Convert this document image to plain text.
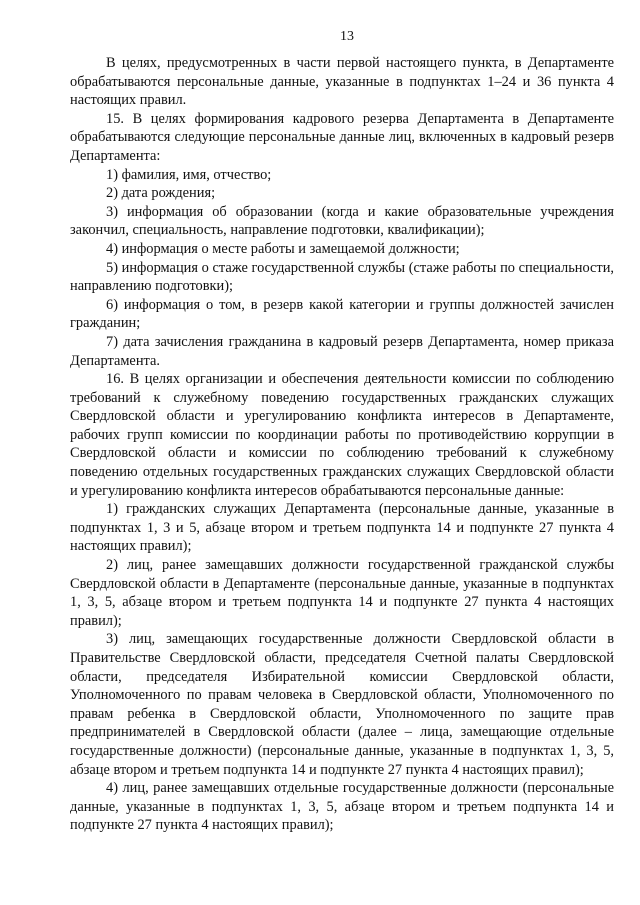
13

В целях, предусмотренных в части первой настоящего пункта, в Департаменте обрабатываются персональные данные, указанные в подпунктах 1–24 и 36 пункта 4 настоящих правил.

15. В целях формирования кадрового резерва Департамента в Департаменте обрабатываются следующие персональные данные лиц, включенных в кадровый резерв Департамента:

1) фамилия, имя, отчество;

2) дата рождения;

3) информация об образовании (когда и какие образовательные учреждения закончил, специальность, направление подготовки, квалификации);

4) информация о месте работы и замещаемой должности;

5) информация о стаже государственной службы (стаже работы по специальности, направлению подготовки);

6) информация о том, в резерв какой категории и группы должностей зачислен гражданин;

7) дата зачисления гражданина в кадровый резерв Департамента, номер приказа Департамента.

16. В целях организации и обеспечения деятельности комиссии по соблюдению требований к служебному поведению государственных гражданских служащих Свердловской области и урегулированию конфликта интересов в Департаменте, рабочих групп комиссии по координации работы по противодействию коррупции в Свердловской области и комиссии по соблюдению требований к служебному поведению отдельных государственных гражданских служащих Свердловской области и урегулированию конфликта интересов обрабатываются персональные данные:

1) гражданских служащих Департамента (персональные данные, указанные в подпунктах 1, 3 и 5, абзаце втором и третьем подпункта 14 и подпункте 27 пункта 4 настоящих правил);

2) лиц, ранее замещавших должности государственной гражданской службы Свердловской области в Департаменте (персональные данные, указанные в подпунктах 1, 3, 5, абзаце втором и третьем подпункта 14 и подпункте 27 пункта 4 настоящих правил);

3) лиц, замещающих государственные должности Свердловской области в Правительстве Свердловской области, председателя Счетной палаты Свердловской области, председателя Избирательной комиссии Свердловской области, Уполномоченного по правам человека в Свердловской области, Уполномоченного по правам ребенка в Свердловской области, Уполномоченного по защите прав предпринимателей в Свердловской области (далее – лица, замещающие отдельные государственные должности) (персональные данные, указанные в подпунктах 1, 3, 5, абзаце втором и третьем подпункта 14 и подпункте 27 пункта 4 настоящих правил);

4) лиц, ранее замещавших отдельные государственные должности (персональные данные, указанные в подпунктах 1, 3, 5, абзаце втором и третьем подпункта 14 и подпункте 27 пункта 4 настоящих правил);
